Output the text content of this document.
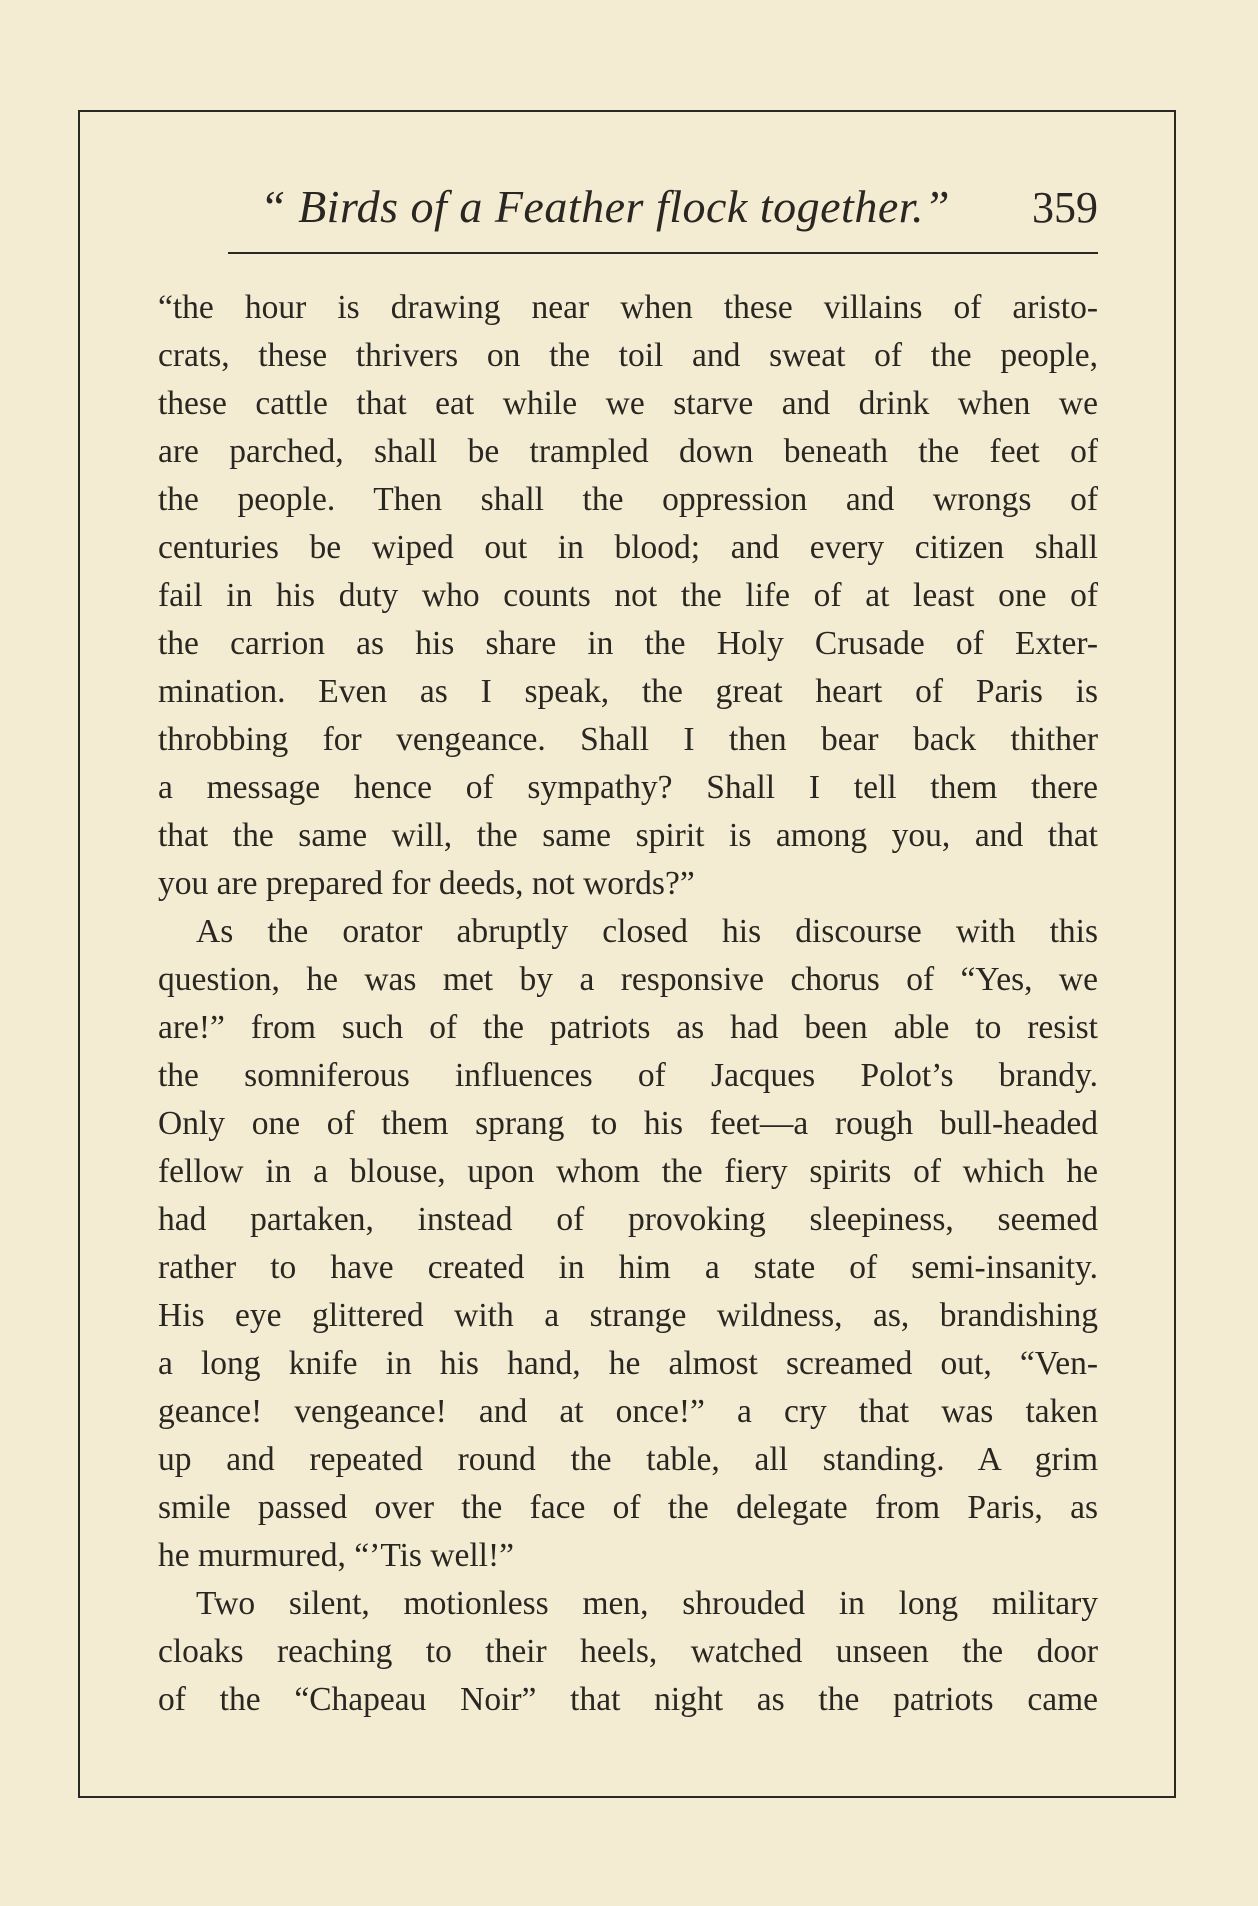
“ Birds of a Feather flock together.” 359
“the hour is drawing near when these villains of aristo-
crats, these thrivers on the toil and sweat of the people,
these cattle that eat while we starve and drink when we
are parched, shall be trampled down beneath the feet of
the people. Then shall the oppression and wrongs of
centuries be wiped out in blood; and every citizen shall
fail in his duty who counts not the life of at least one of
the carrion as his share in the Holy Crusade of Exter-
mination. Even as I speak, the great heart of Paris is
throbbing for vengeance. Shall I then bear back thither
a message hence of sympathy? Shall I tell them there
that the same will, the same spirit is among you, and that
you are prepared for deeds, not words?”
As the orator abruptly closed his discourse with this
question, he was met by a responsive chorus of “Yes, we
are!” from such of the patriots as had been able to resist
the somniferous influences of Jacques Polot’s brandy.
Only one of them sprang to his feet—a rough bull-headed
fellow in a blouse, upon whom the fiery spirits of which he
had partaken, instead of provoking sleepiness, seemed
rather to have created in him a state of semi-insanity.
His eye glittered with a strange wildness, as, brandishing
a long knife in his hand, he almost screamed out, “Ven-
geance! vengeance! and at once!” a cry that was taken
up and repeated round the table, all standing. A grim
smile passed over the face of the delegate from Paris, as
he murmured, “’Tis well!”
Two silent, motionless men, shrouded in long military
cloaks reaching to their heels, watched unseen the door
of the “Chapeau Noir” that night as the patriots came
